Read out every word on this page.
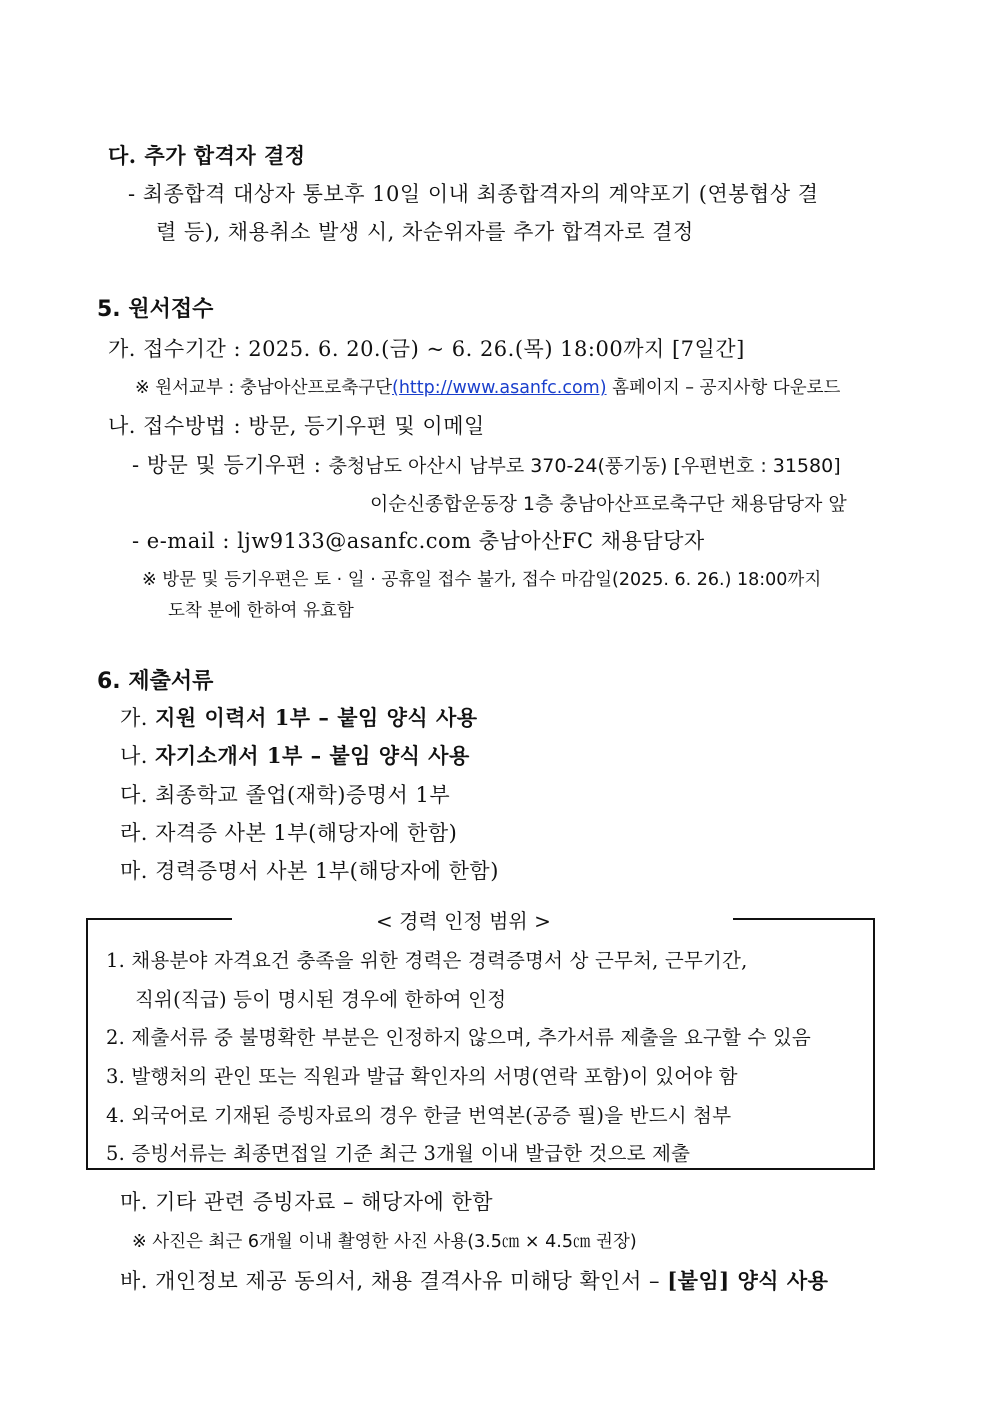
다. 추가 합격자 결정
- 최종합격 대상자 통보후 10일 이내 최종합격자의 계약포기 (연봉협상 결
렬 등), 채용취소 발생 시, 차순위자를 추가 합격자로 결정
5. 원서접수
가. 접수기간 : 2025. 6. 20.(금) ~ 6. 26.(목) 18:00까지 [7일간]
※ 원서교부 : 충남아산프로축구단(http://www.asanfc.com) 홈페이지 – 공지사항 다운로드
나. 접수방법 : 방문, 등기우편 및 이메일
- 방문 및 등기우편 : 충청남도 아산시 남부로 370-24(풍기동) [우편번호 : 31580]
이순신종합운동장 1층 충남아산프로축구단 채용담당자 앞
- e-mail : ljw9133@asanfc.com 충남아산FC 채용담당자
※ 방문 및 등기우편은 토 · 일 · 공휴일 접수 불가, 접수 마감일(2025. 6. 26.) 18:00까지
도착 분에 한하여 유효함
6. 제출서류
가. 지원 이력서 1부 – 붙임 양식 사용
나. 자기소개서 1부 – 붙임 양식 사용
다. 최종학교 졸업(재학)증명서 1부
라. 자격증 사본 1부(해당자에 한함)
마. 경력증명서 사본 1부(해당자에 한함)
< 경력 인정 범위 >
1. 채용분야 자격요건 충족을 위한 경력은 경력증명서 상 근무처, 근무기간,
직위(직급) 등이 명시된 경우에 한하여 인정
2. 제출서류 중 불명확한 부분은 인정하지 않으며, 추가서류 제출을 요구할 수 있음
3. 발행처의 관인 또는 직원과 발급 확인자의 서명(연락 포함)이 있어야 함
4. 외국어로 기재된 증빙자료의 경우 한글 번역본(공증 필)을 반드시 첨부
5. 증빙서류는 최종면접일 기준 최근 3개월 이내 발급한 것으로 제출
마. 기타 관련 증빙자료 – 해당자에 한함
※ 사진은 최근 6개월 이내 촬영한 사진 사용(3.5㎝ × 4.5㎝ 권장)
바. 개인정보 제공 동의서, 채용 결격사유 미해당 확인서 – [붙임] 양식 사용
